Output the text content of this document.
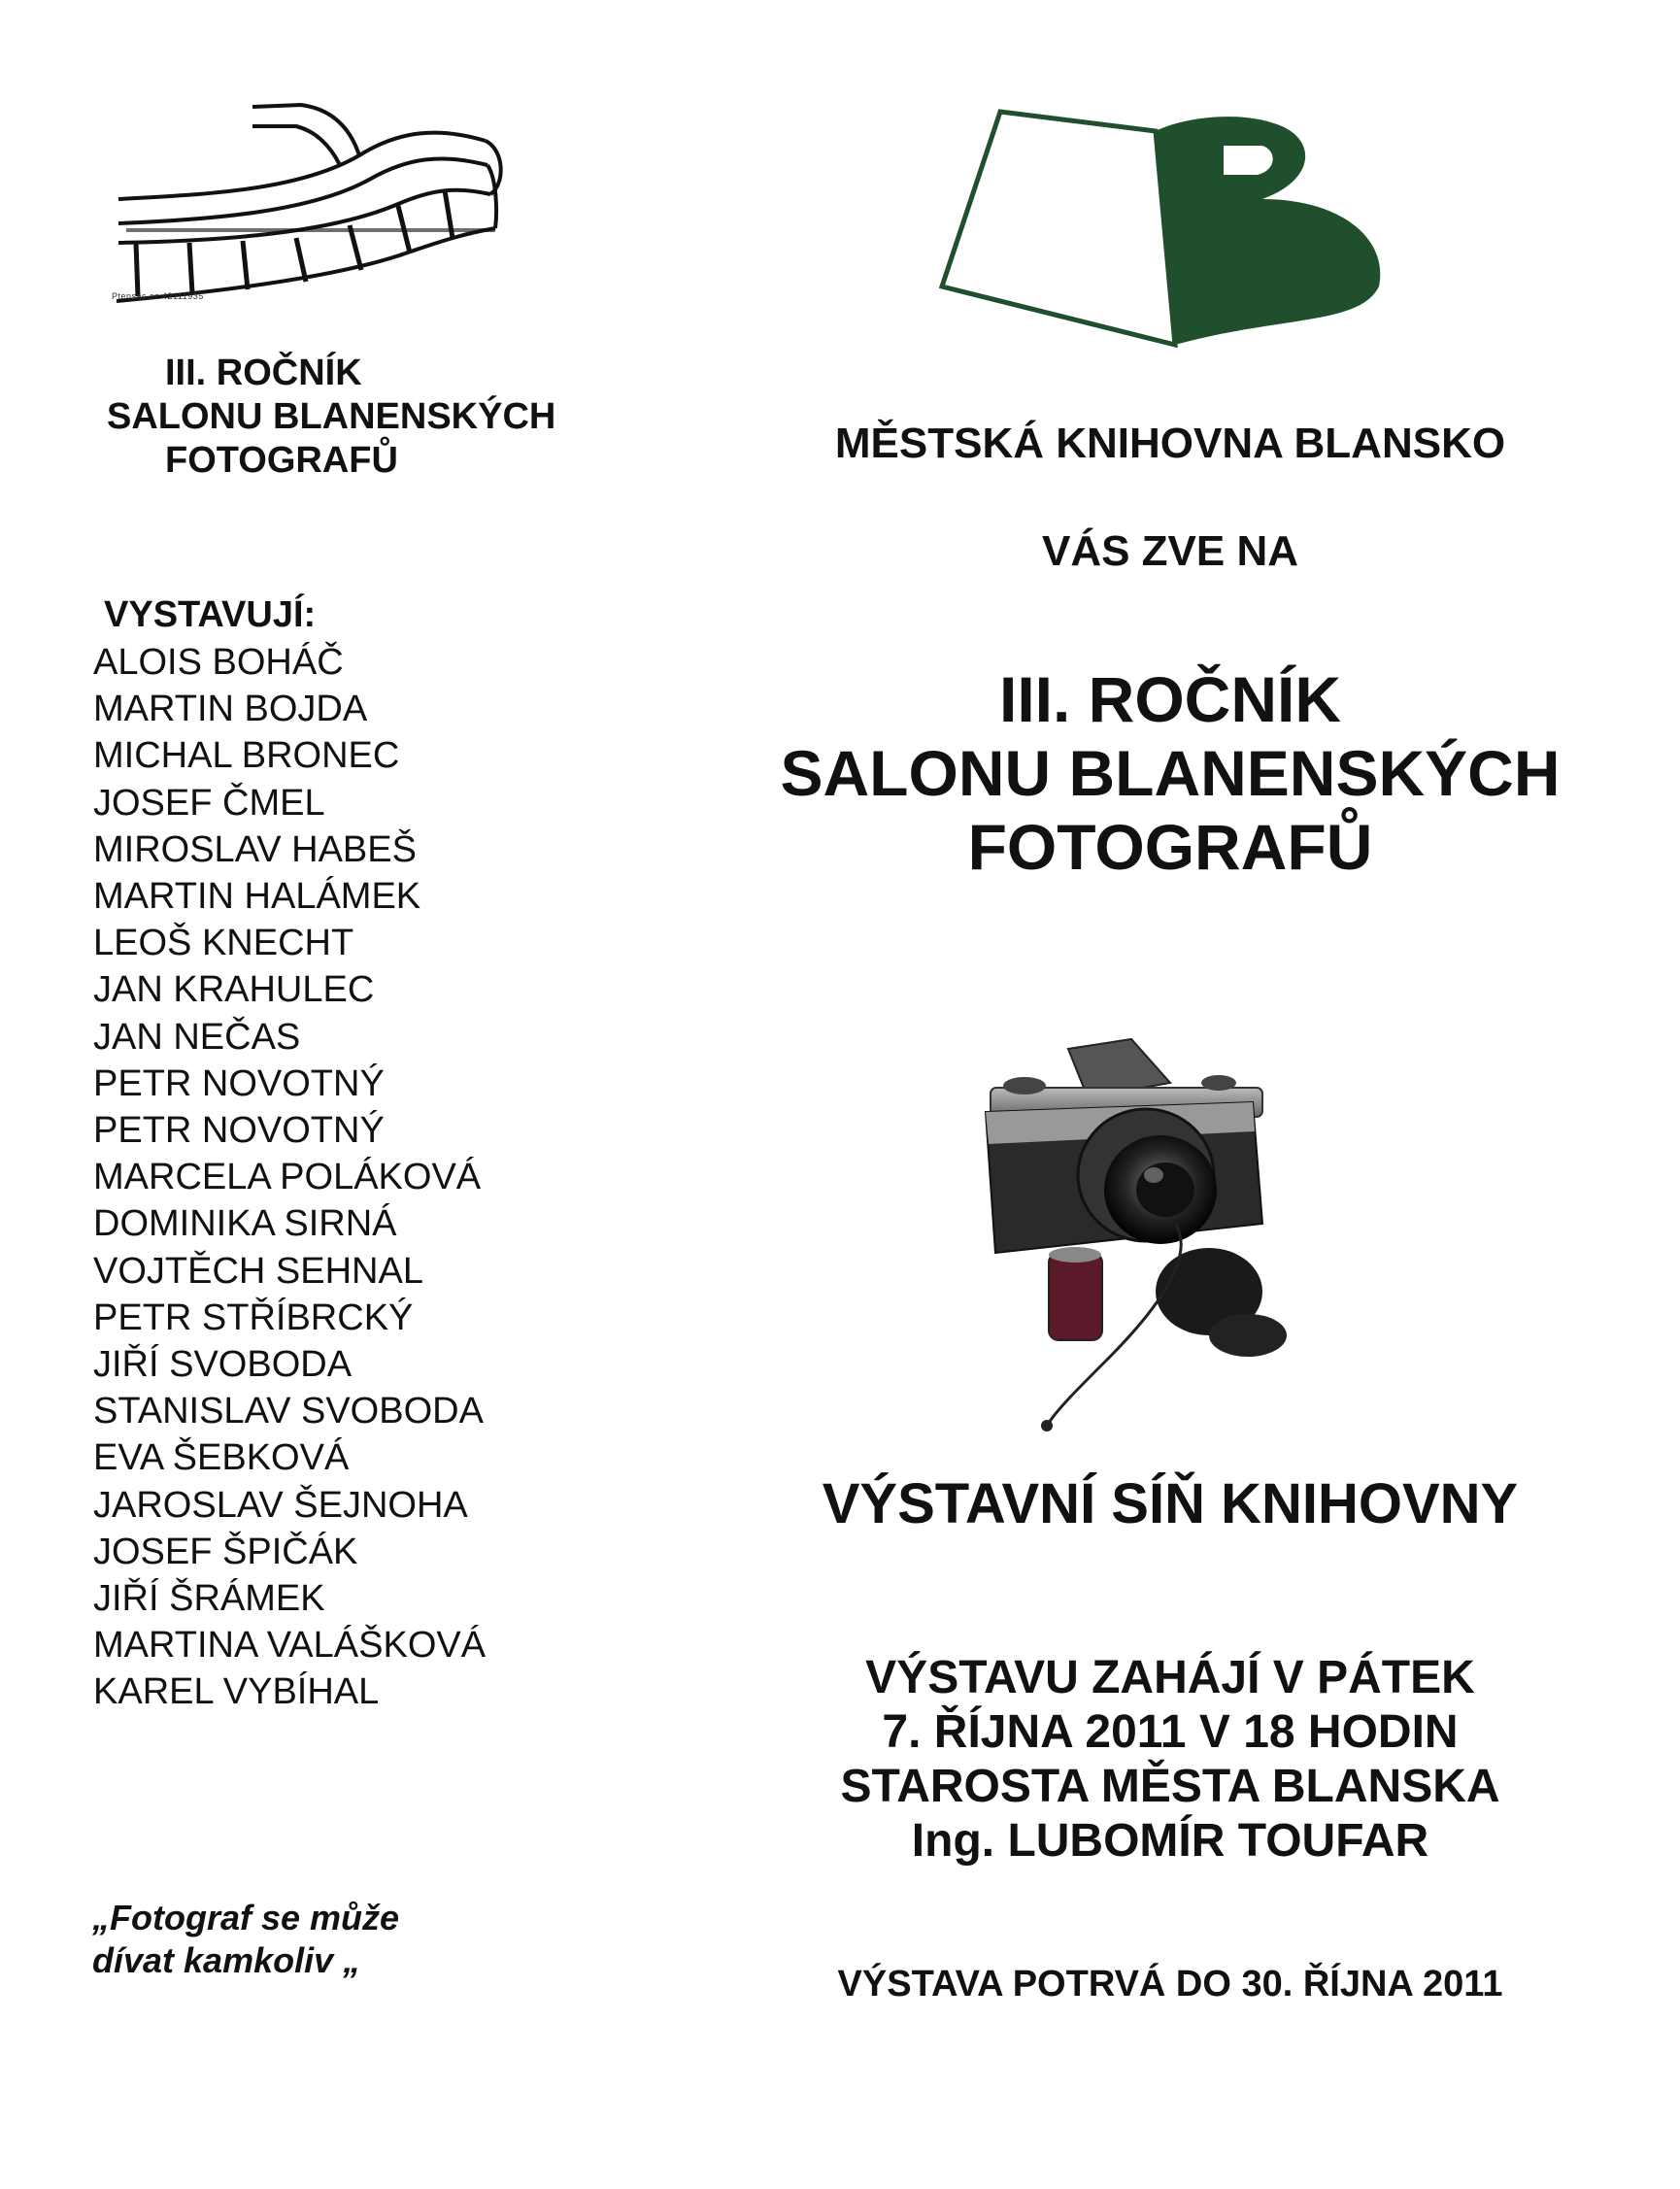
Ptensac.cz 42111935
III. ROČNÍK
SALONU BLANENSKÝCH
FOTOGRAFŮ
VYSTAVUJÍ:
ALOIS BOHÁČ
MARTIN BOJDA
MICHAL BRONEC
JOSEF ČMEL
MIROSLAV HABEŠ
MARTIN HALÁMEK
LEOŠ KNECHT
JAN KRAHULEC
JAN NEČAS
PETR NOVOTNÝ
PETR NOVOTNÝ
MARCELA POLÁKOVÁ
DOMINIKA SIRNÁ
VOJTĚCH SEHNAL
PETR STŘÍBRCKÝ
JIŘÍ SVOBODA
STANISLAV SVOBODA
EVA ŠEBKOVÁ
JAROSLAV ŠEJNOHA
JOSEF ŠPIČÁK
JIŘÍ ŠRÁMEK
MARTINA VALÁŠKOVÁ
KAREL VYBÍHAL
„Fotograf se může
dívat kamkoliv „
MĚSTSKÁ KNIHOVNA BLANSKO
VÁS ZVE NA
III. ROČNÍK
SALONU BLANENSKÝCH
FOTOGRAFŮ
VÝSTAVNÍ SÍŇ KNIHOVNY
VÝSTAVU ZAHÁJÍ V PÁTEK
7. ŘÍJNA 2011 V 18 HODIN
STAROSTA MĚSTA BLANSKA
Ing. LUBOMÍR TOUFAR
VÝSTAVA POTRVÁ DO 30. ŘÍJNA 2011
